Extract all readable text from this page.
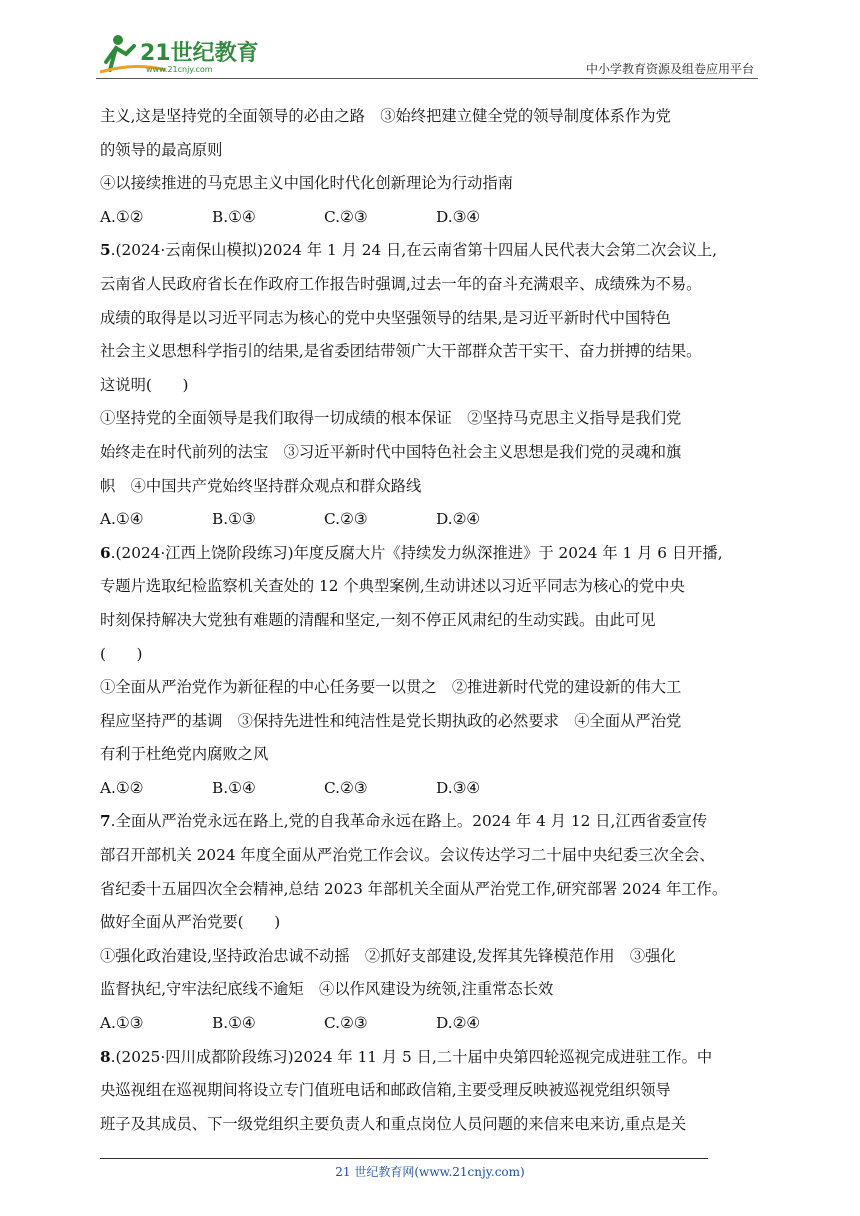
21世纪教育
www.21cnjy.com	中小学教育资源及组卷应用平台
主义,这是坚持党的全面领导的必由之路　③始终把建立健全党的领导制度体系作为党
的领导的最高原则
④以接续推进的马克思主义中国化时代化创新理论为行动指南
A.①②	B.①④	C.②③	D.③④
5.(2024·云南保山模拟)2024 年 1 月 24 日,在云南省第十四届人民代表大会第二次会议上,
云南省人民政府省长在作政府工作报告时强调,过去一年的奋斗充满艰辛、成绩殊为不易。
成绩的取得是以习近平同志为核心的党中央坚强领导的结果,是习近平新时代中国特色
社会主义思想科学指引的结果,是省委团结带领广大干部群众苦干实干、奋力拼搏的结果。
这说明(　　)
①坚持党的全面领导是我们取得一切成绩的根本保证　②坚持马克思主义指导是我们党
始终走在时代前列的法宝　③习近平新时代中国特色社会主义思想是我们党的灵魂和旗
帜　④中国共产党始终坚持群众观点和群众路线
A.①④	B.①③	C.②③	D.②④
6.(2024·江西上饶阶段练习)年度反腐大片《持续发力纵深推进》于 2024 年 1 月 6 日开播,
专题片选取纪检监察机关查处的 12 个典型案例,生动讲述以习近平同志为核心的党中央
时刻保持解决大党独有难题的清醒和坚定,一刻不停正风肃纪的生动实践。由此可见
(　　)
①全面从严治党作为新征程的中心任务要一以贯之　②推进新时代党的建设新的伟大工
程应坚持严的基调　③保持先进性和纯洁性是党长期执政的必然要求　④全面从严治党
有利于杜绝党内腐败之风
A.①②	B.①④	C.②③	D.③④
7.全面从严治党永远在路上,党的自我革命永远在路上。2024 年 4 月 12 日,江西省委宣传
部召开部机关 2024 年度全面从严治党工作会议。会议传达学习二十届中央纪委三次全会、
省纪委十五届四次全会精神,总结 2023 年部机关全面从严治党工作,研究部署 2024 年工作。
做好全面从严治党要(　　)
①强化政治建设,坚持政治忠诚不动摇　②抓好支部建设,发挥其先锋模范作用　③强化
监督执纪,守牢法纪底线不逾矩　④以作风建设为统领,注重常态长效
A.①③	B.①④	C.②③	D.②④
8.(2025·四川成都阶段练习)2024 年 11 月 5 日,二十届中央第四轮巡视完成进驻工作。中
央巡视组在巡视期间将设立专门值班电话和邮政信箱,主要受理反映被巡视党组织领导
班子及其成员、下一级党组织主要负责人和重点岗位人员问题的来信来电来访,重点是关
21 世纪教育网(www.21cnjy.com)
